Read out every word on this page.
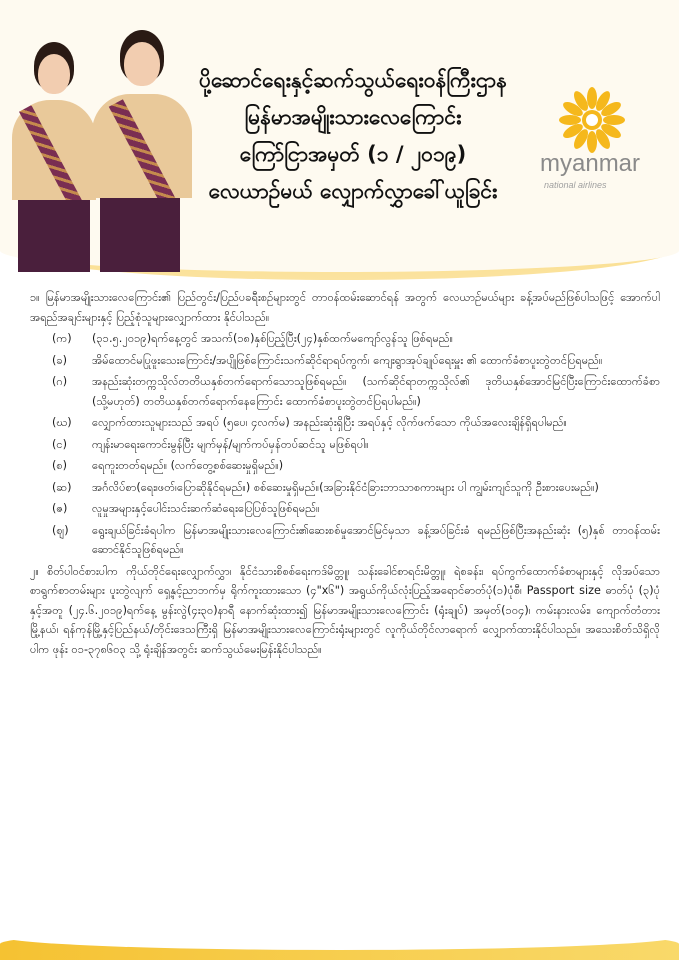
ပို့ဆောင်ရေးနှင့်ဆက်သွယ်ရေးဝန်ကြီးဌာန
မြန်မာအမျိုးသားလေကြောင်း
ကြော်ငြာအမှတ် (၁ / ၂၀၁၉)
လေယာဉ်မယ် လျှောက်လွှာခေါ်ယူခြင်း
myanmar
national airlines

၁။ မြန်မာအမျိုးသားလေကြောင်း၏ ပြည်တွင်း/ပြည်ပခရီးစဉ်များတွင် တာဝန်ထမ်းဆောင်ရန် အတွက် လေယာဉ်မယ်များ ခန့်အပ်မည်ဖြစ်ပါသဖြင့် အောက်ပါအရည်အချင်းများနှင့် ပြည့်စုံသူများလျှောက်ထား နိုင်ပါသည်။

(က)	(၃၁.၅.၂၀၁၉)ရက်နေ့တွင် အသက်(၁၈)နှစ်ပြည့်ပြီး(၂၄)နှစ်ထက်မကျော်လွန်သူ ဖြစ်ရမည်။
(ခ)	အိမ်ထောင်မပြုဖူးသေးကြောင်း/အပျိုဖြစ်ကြောင်းသက်ဆိုင်ရာရပ်ကွက်၊ ကျေးရွာအုပ်ချုပ်ရေးမှူး ၏ ထောက်ခံစာပူးတွဲတင်ပြရမည်။
(ဂ)	အနည်းဆုံးတက္ကသိုလ်တတိယနှစ်တက်ရောက်သောသူဖြစ်ရမည်။ (သက်ဆိုင်ရာတက္ကသိုလ်၏ ဒုတိယနှစ်အောင်မြင်ပြီးကြောင်းထောက်ခံစာ (သို့မဟုတ်) တတိယနှစ်တက်ရောက်နေကြောင်း ထောက်ခံစာပူးတွဲတင်ပြရပါမည်။)
(ဃ)	လျှောက်ထားသူများသည် အရပ် (၅ပေ၊ ၄လက်မ) အနည်းဆုံးရှိပြီး အရပ်နှင့် လိုက်ဖက်သော ကိုယ်အလေးချိန်ရှိရပါမည်။
(င)	ကျန်းမာရေးကောင်းမွန်ပြီး မျက်မှန်/မျက်ကပ်မှန်တပ်ဆင်သူ မဖြစ်ရပါ။
(စ)	ရေကူးတတ်ရမည်။ (လက်တွေ့စစ်ဆေးမှုရှိမည်။)
(ဆ)	အင်္ဂလိပ်စာ(ရေး၊ဖတ်၊ပြောဆိုနိုင်ရမည်။) စစ်ဆေးမှုရှိမည်။(အခြားနိုင်ငံခြားဘာသာစကားများ ပါ ကျွမ်းကျင်သူကို ဦးစားပေးမည်။)
(ဇ)	လူမှုအများနှင့်ပေါင်းသင်းဆက်ဆံရေးပြေပြစ်သူဖြစ်ရမည်။
(ဈ)	ရွေးချယ်ခြင်းခံရပါက မြန်မာအမျိုးသားလေကြောင်း၏ဆေးစစ်မှုအောင်မြင်မှသာ ခန့်အပ်ခြင်းခံ ရမည်ဖြစ်ပြီးအနည်းဆုံး (၅)နှစ် တာဝန်ထမ်းဆောင်နိုင်သူဖြစ်ရမည်။

၂။ စိတ်ပါဝင်စားပါက ကိုယ်တိုင်ရေးလျှောက်လွှာ၊ နိုင်ငံသားစိစစ်ရေးကဒ်မိတ္တူ၊ သန်းခေါင်စာရင်းမိတ္တူ၊ ရဲစခန်း၊ ရပ်ကွက်ထောက်ခံစာများနှင့် လိုအပ်သောစာရွက်စာတမ်းများ ပူးတွဲလျက် ရှေ့နှင့်ညာဘက်မှ ရိုက်ကူးထားသော (၄"x၆") အရွယ်ကိုယ်လုံးပြည့်အရောင်ဓာတ်ပုံ(၁)ပုံစီ၊ Passport size ဓာတ်ပုံ (၃)ပုံနှင့်အတူ (၂၄.၆.၂၀၁၉)ရက်နေ့ မွန်းလွဲ(၄း၃၀)နာရီ နောက်ဆုံးထား၍ မြန်မာအမျိုးသားလေကြောင်း (ရုံးချုပ်) အမှတ်(၁၀၄)၊ ကမ်းနားလမ်း၊ ကျောက်တံတားမြို့နယ်၊ ရန်ကုန်မြို့နှင့်ပြည်နယ်/တိုင်းဒေသကြီးရှိ မြန်မာအမျိုးသားလေကြောင်းရုံးများတွင် လူကိုယ်တိုင်လာရောက် လျှောက်ထားနိုင်ပါသည်။ အသေးစိတ်သိရှိလိုပါက ဖုန်း ၀၁-၃၇၈၆၀၃ သို့ ရုံးချိန်အတွင်း ဆက်သွယ်မေးမြန်းနိုင်ပါသည်။
